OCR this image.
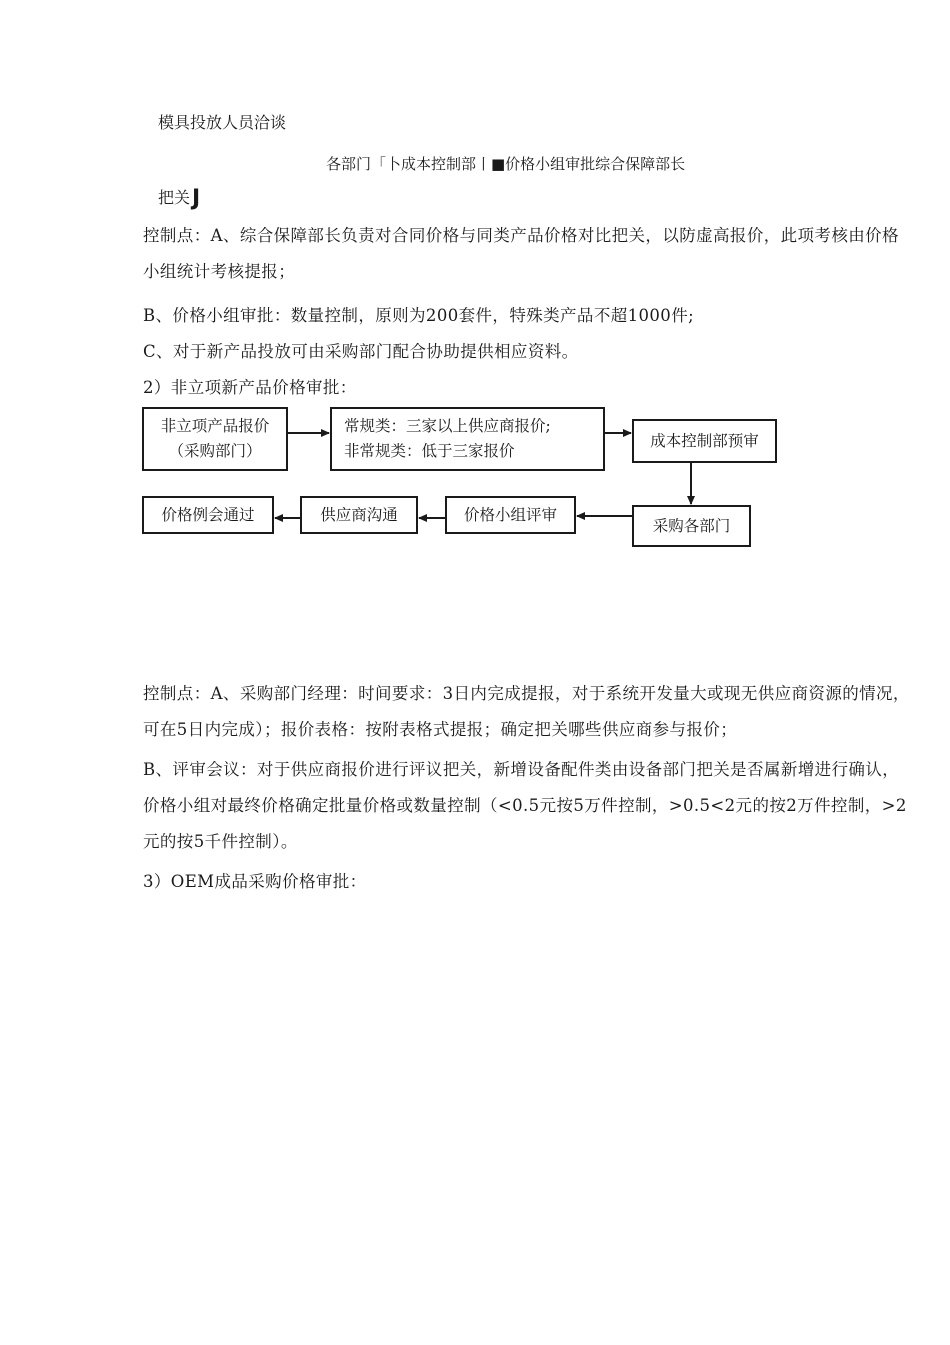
模具投放人员洽谈
各部门「卜成本控制部丨■价格小组审批综合保障部长
把关J
控制点：A、综合保障部长负责对合同价格与同类产品价格对比把关，以防虚高报价，此项考核由价格小组统计考核提报；
B、价格小组审批：数量控制，原则为200套件，特殊类产品不超1000件;
C、对于新产品投放可由采购部门配合协助提供相应资料。
2）非立项新产品价格审批：
非立项产品报价
（采购部门）
常规类：三家以上供应商报价;
非常规类：低于三家报价
成本控制部预审
采购各部门
价格小组评审
供应商沟通
价格例会通过
控制点：A、采购部门经理：时间要求：3日内完成提报，对于系统开发量大或现无供应商资源的情况，可在5日内完成）；报价表格：按附表格式提报；确定把关哪些供应商参与报价；
B、评审会议：对于供应商报价进行评议把关，新增设备配件类由设备部门把关是否属新增进行确认，价格小组对最终价格确定批量价格或数量控制（<0.5元按5万件控制，>0.5<2元的按2万件控制，>2元的按5千件控制）。
3）OEM成品采购价格审批：
